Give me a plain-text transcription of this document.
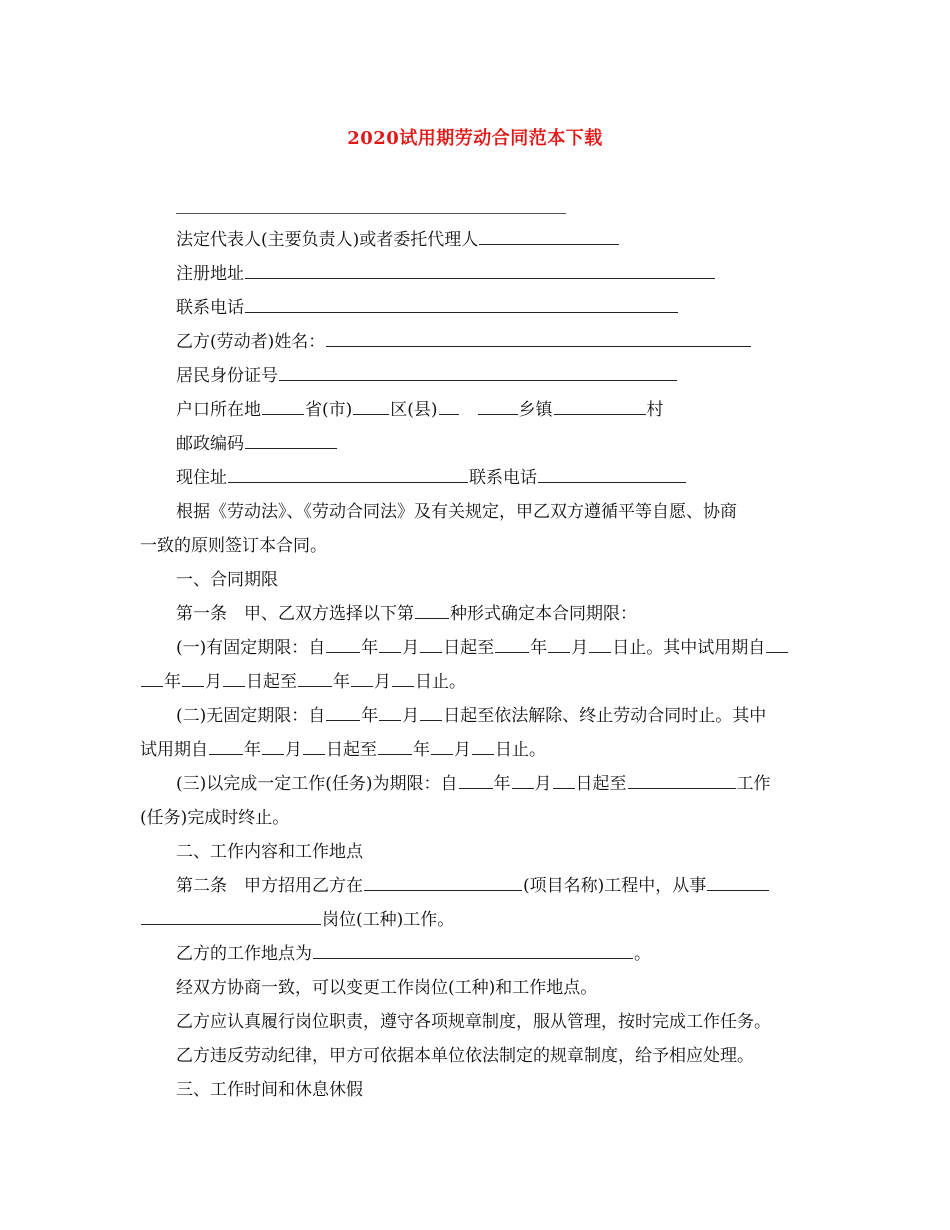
2020试用期劳动合同范本下载
法定代表人(主要负责人)或者委托代理人
注册地址
联系电话
乙方(劳动者)姓名：
居民身份证号
户口所在地	省(市) 区(县)　	乡镇	村
邮政编码
现住址	联系电话
根据《劳动法》、《劳动合同法》及有关规定，甲乙双方遵循平等自愿、协商
一致的原则签订本合同。
一、合同期限
第一条　甲、乙双方选择以下第 种形式确定本合同期限：
(一)有固定期限：自 年 月 日起至 年 月 日止。其中试用期自
年 月 日起至 年 月 日止。
(二)无固定期限：自 年 月 日起至依法解除、终止劳动合同时止。其中
试用期自 年 月 日起至 年 月 日止。
(三)以完成一定工作(任务)为期限：自 年 月 日起至	工作
(任务)完成时终止。
二、工作内容和工作地点
第二条　甲方招用乙方在	(项目名称)工程中，从事
岗位(工种)工作。
乙方的工作地点为	。
经双方协商一致，可以变更工作岗位(工种)和工作地点。
乙方应认真履行岗位职责，遵守各项规章制度，服从管理，按时完成工作任务。
乙方违反劳动纪律，甲方可依据本单位依法制定的规章制度，给予相应处理。
三、工作时间和休息休假
